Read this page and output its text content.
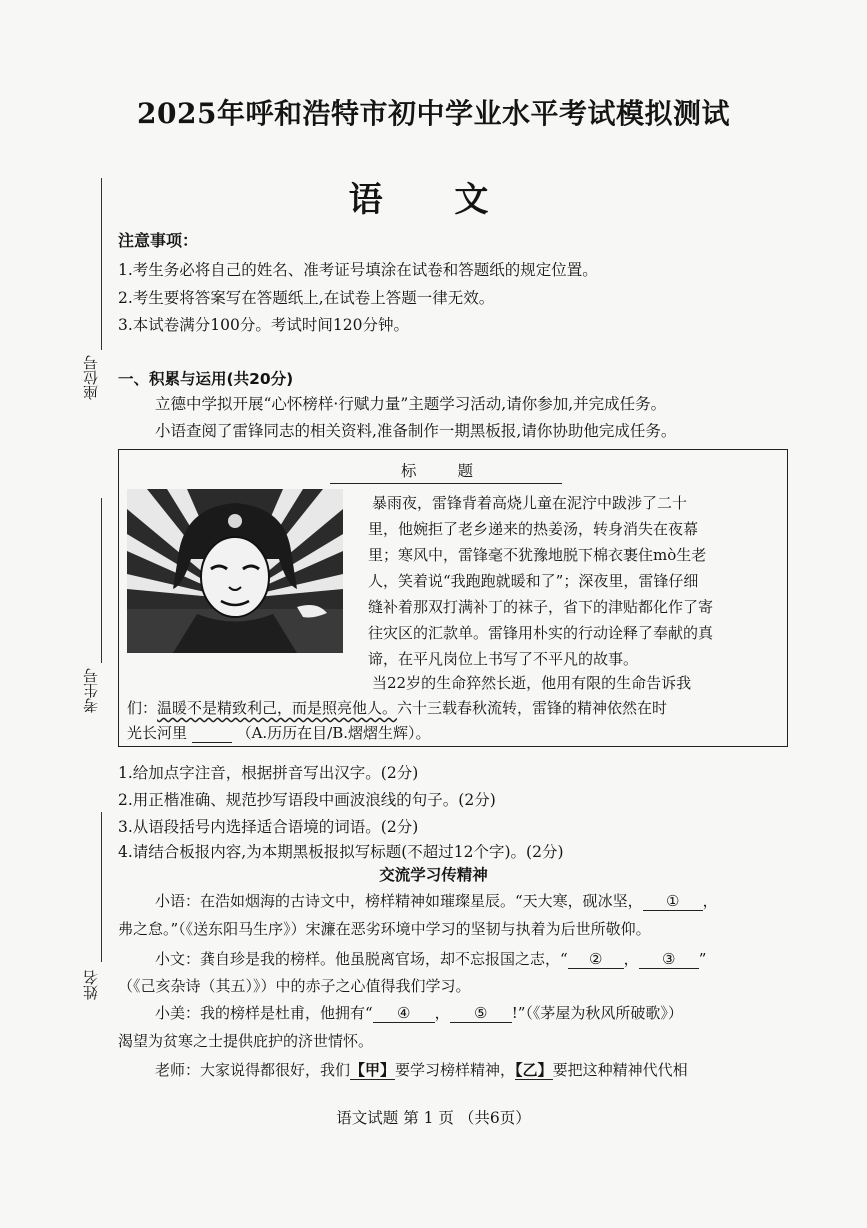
2025年呼和浩特市初中学业水平考试模拟测试
语 文
座位号
考生号
姓名
注意事项：
1.考生务必将自己的姓名、准考证号填涂在试卷和答题纸的规定位置。
2.考生要将答案写在答题纸上,在试卷上答题一律无效。
3.本试卷满分100分。考试时间120分钟。
一、积累与运用(共20分)
立德中学拟开展“心怀榜样·行赋力量”主题学习活动,请你参加,并完成任务。
小语查阅了雷锋同志的相关资料,准备制作一期黑板报,请你协助他完成任务。
标 题
暴雨夜，雷锋背着高烧儿童在泥泞中跋涉了二十
里，他婉拒了老乡递来的热姜汤，转身消失在夜幕
里；寒风中，雷锋毫不犹豫地脱下棉衣裹住mò生老
人，笑着说“我跑跑就暖和了”；深夜里，雷锋仔细
缝补着那双打满补丁的袜子，省下的津贴都化作了寄
往灾区的汇款单。雷锋用朴实的行动诠释了奉献的真
谛，在平凡岗位上书写了不平凡的故事。
当22岁的生命猝然长逝，他用有限的生命告诉我
们：温暖不是精致利己，而是照亮他人。六十三载春秋流转，雷锋的精神依然在时
光长河里	（A.历历在目/B.熠熠生辉）。
1.给加点字注音，根据拼音写出汉字。(2分)
2.用正楷准确、规范抄写语段中画波浪线的句子。(2分)
3.从语段括号内选择适合语境的词语。(2分)
4.请结合板报内容,为本期黑板报拟写标题(不超过12个字)。(2分)
交流学习传精神
小语：在浩如烟海的古诗文中，榜样精神如璀璨星辰。“天大寒，砚冰坚， ① ，
弗之怠。”（《送东阳马生序》）宋濂在恶劣环境中学习的坚韧与执着为后世所敬仰。
小文：龚自珍是我的榜样。他虽脱离官场，却不忘报国之志，“ ② ， ③ ”
（《己亥杂诗（其五）》）中的赤子之心值得我们学习。
小美：我的榜样是杜甫，他拥有“ ④ ， ⑤ !”（《茅屋为秋风所破歌》）
渴望为贫寒之士提供庇护的济世情怀。
老师：大家说得都很好，我们【甲】要学习榜样精神，【乙】要把这种精神代代相
语文试题 第 1 页 （共6页）
